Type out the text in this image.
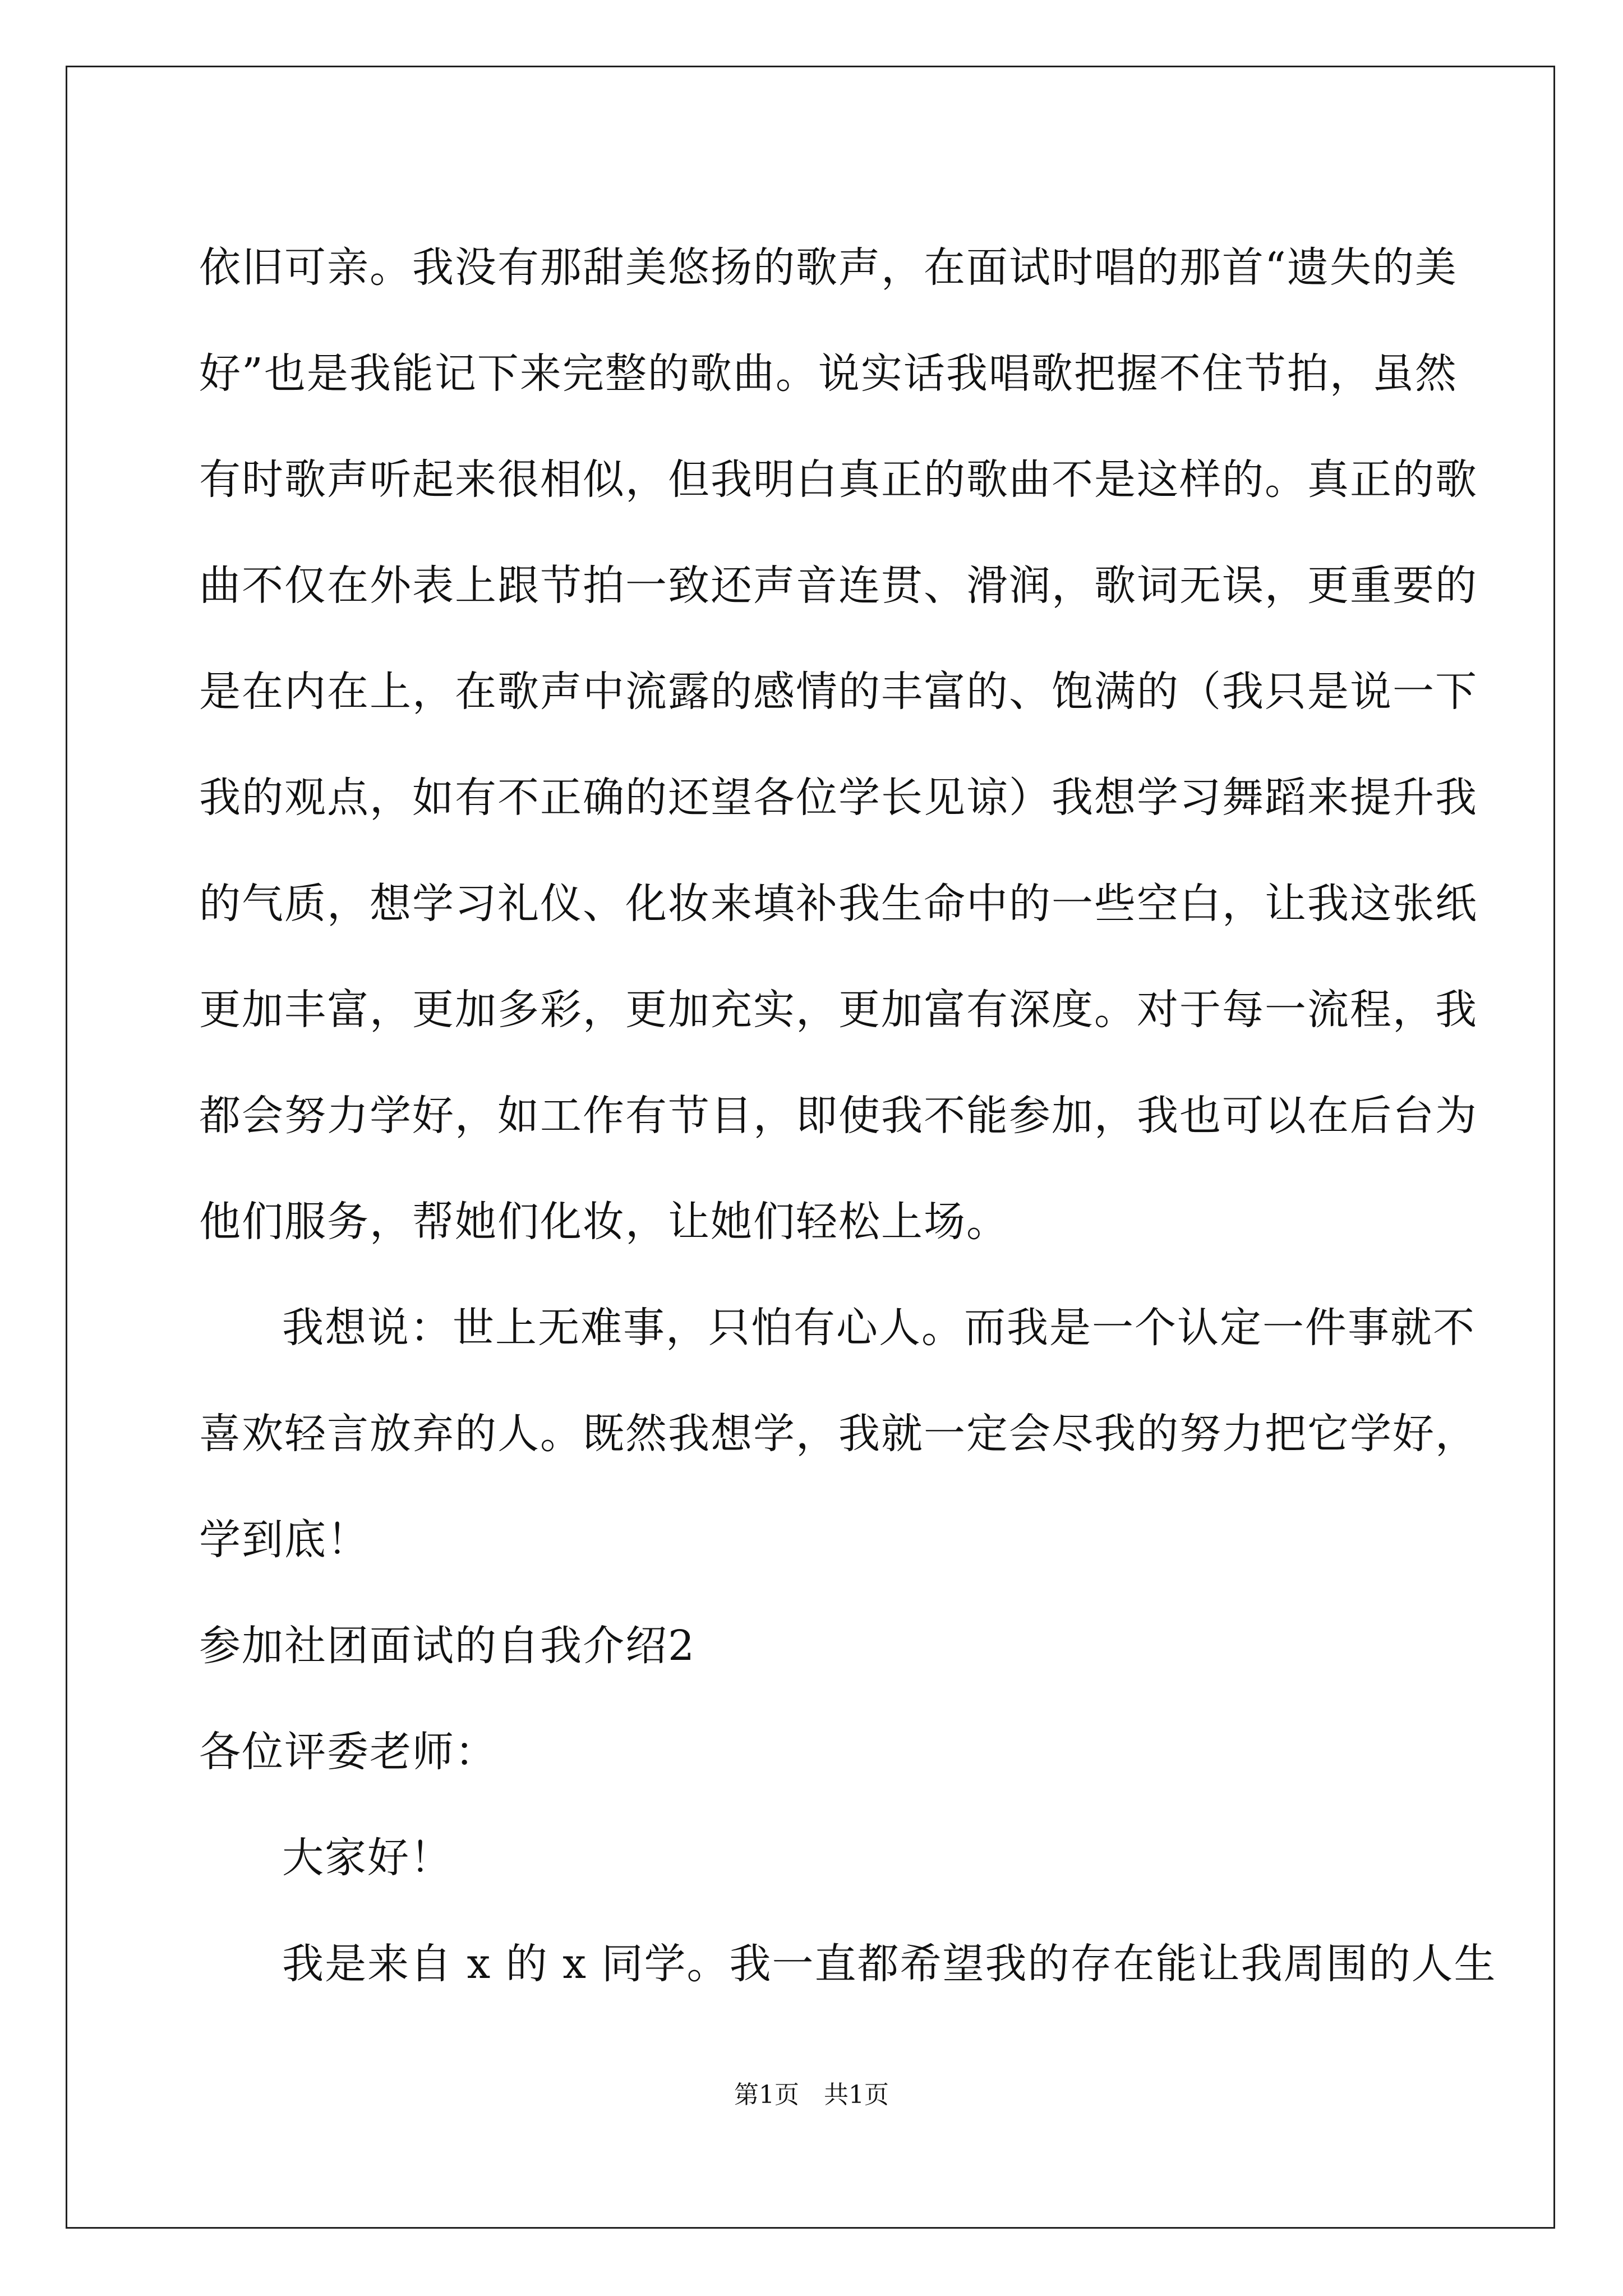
依旧可亲。我没有那甜美悠扬的歌声，在面试时唱的那首“遗失的美
好”也是我能记下来完整的歌曲。说实话我唱歌把握不住节拍，虽然
有时歌声听起来很相似，但我明白真正的歌曲不是这样的。真正的歌
曲不仅在外表上跟节拍一致还声音连贯、滑润，歌词无误，更重要的
是在内在上，在歌声中流露的感情的丰富的、饱满的（我只是说一下
我的观点，如有不正确的还望各位学长见谅）我想学习舞蹈来提升我
的气质，想学习礼仪、化妆来填补我生命中的一些空白，让我这张纸
更加丰富，更加多彩，更加充实，更加富有深度。对于每一流程，我
都会努力学好，如工作有节目，即使我不能参加，我也可以在后台为
他们服务，帮她们化妆，让她们轻松上场。
我想说：世上无难事，只怕有心人。而我是一个认定一件事就不
喜欢轻言放弃的人。既然我想学，我就一定会尽我的努力把它学好，
学到底！
参加社团面试的自我介绍2
各位评委老师：
大家好！
我是来自 x 的 x 同学。我一直都希望我的存在能让我周围的人生
第1页　共1页
